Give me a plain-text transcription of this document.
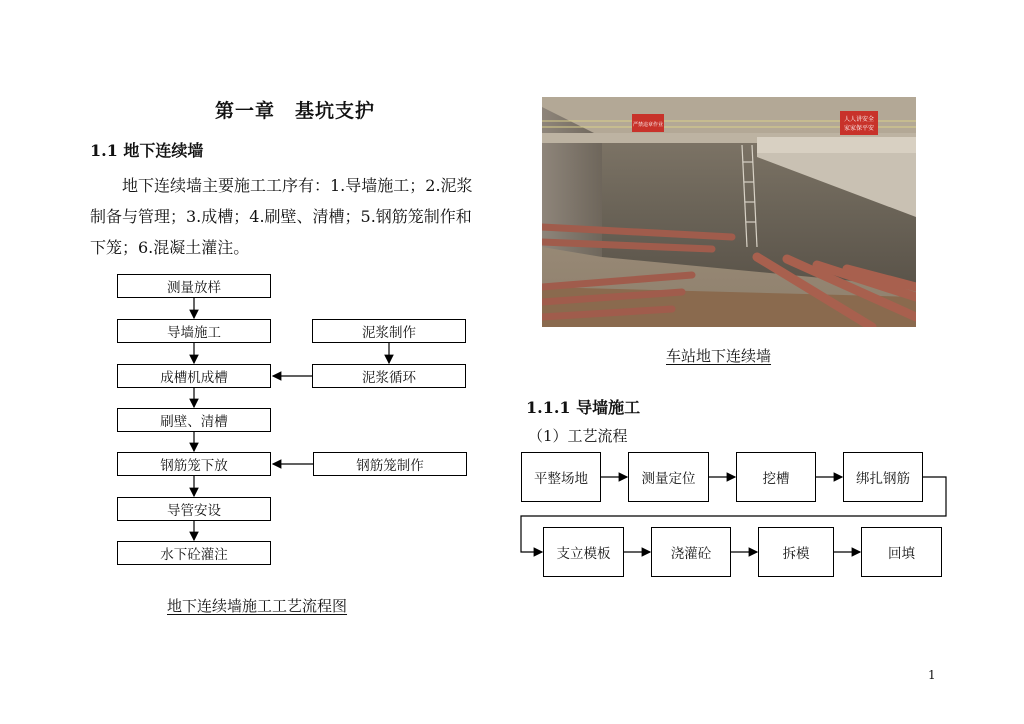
第一章　基坑支护
1.1 地下连续墙
地下连续墙主要施工工序有：1.导墙施工；2.泥浆
制备与管理；3.成槽；4.刷壁、清槽；5.钢筋笼制作和
下笼；6.混凝土灌注。
测量放样
导墙施工
成槽机成槽
刷壁、清槽
钢筋笼下放
导管安设
水下砼灌注
泥浆制作
泥浆循环
钢筋笼制作
地下连续墙施工工艺流程图
严禁违章作业
人人讲安全
家家保平安
车站地下连续墙
1.1.1 导墙施工
（1）工艺流程
平整场地	测量定位	挖槽	绑扎钢筋
支立模板	浇灌砼	拆模	回填
1
